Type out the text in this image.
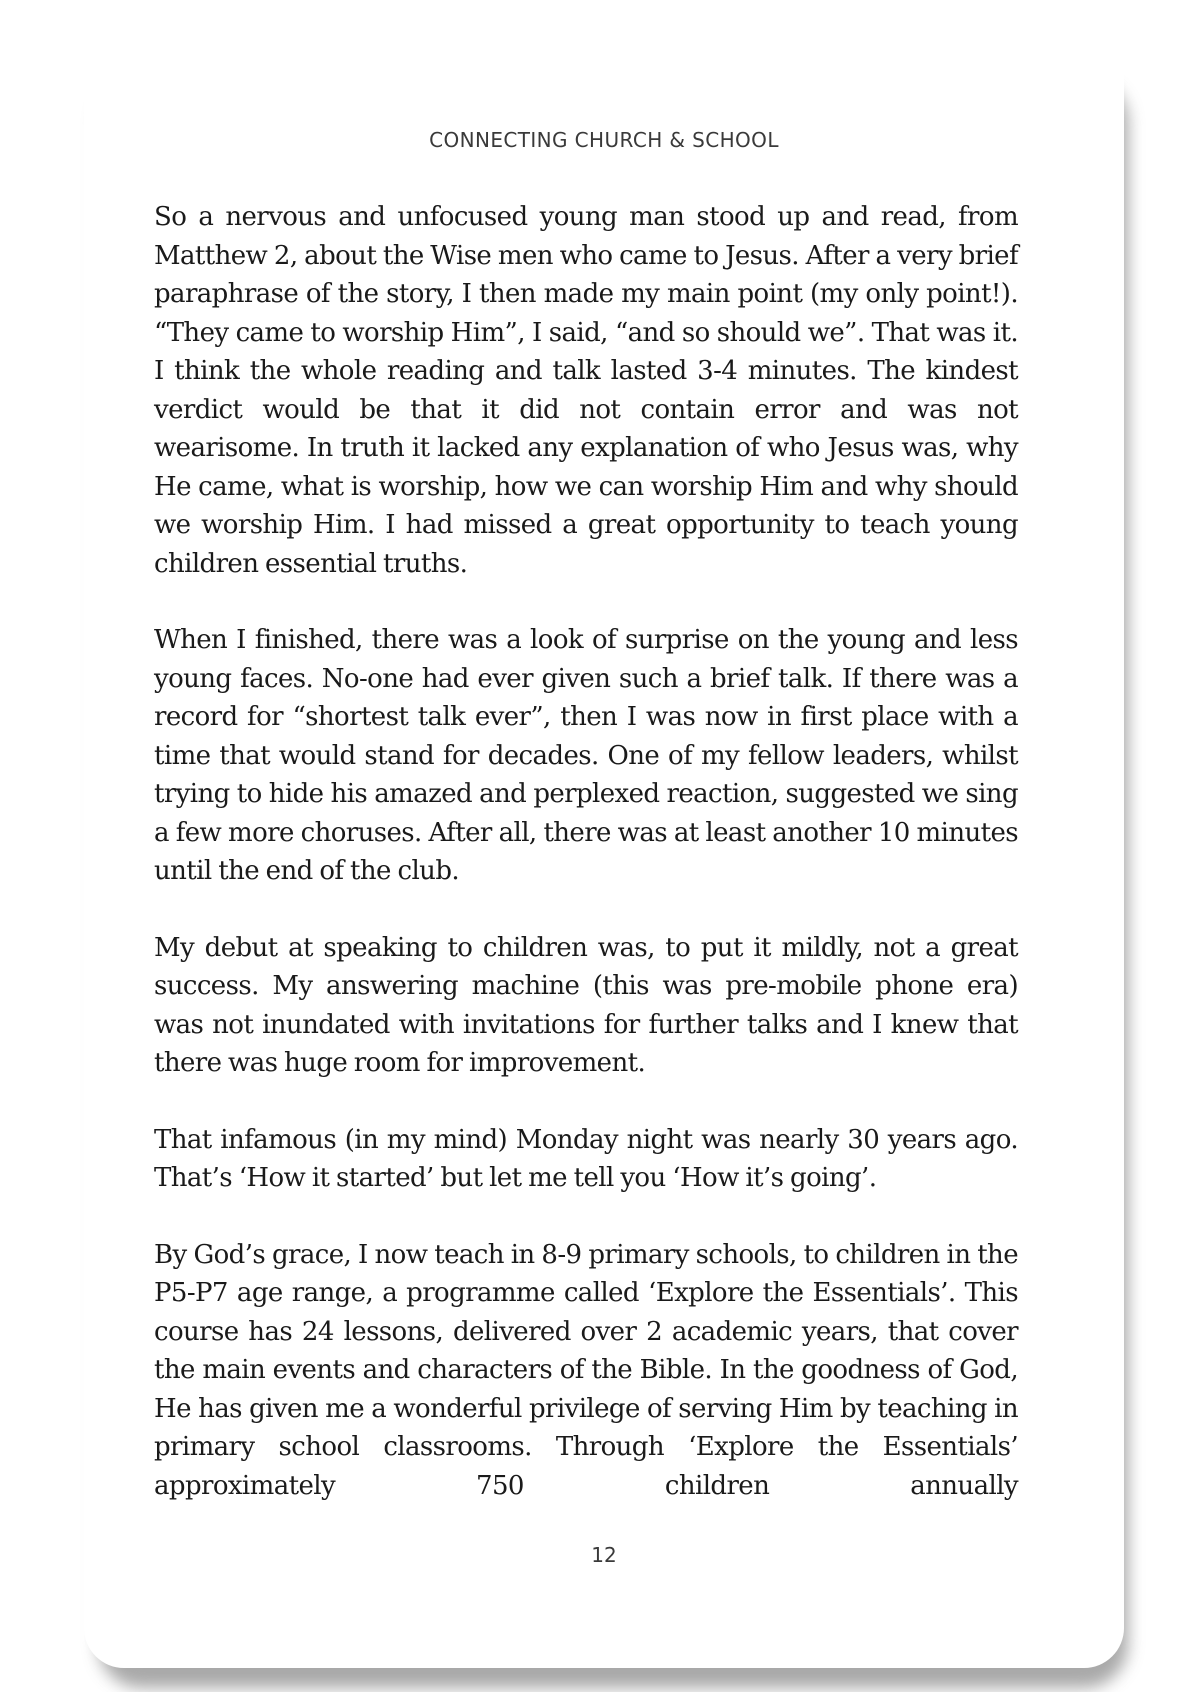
CONNECTING CHURCH & SCHOOL

So a nervous and unfocused young man stood up and read, from Matthew 2, about the Wise men who came to Jesus. After a very brief paraphrase of the story, I then made my main point (my only point!). “They came to worship Him”, I said, “and so should we”. That was it. I think the whole reading and talk lasted 3-4 minutes. The kindest verdict would be that it did not contain error and was not wearisome. In truth it lacked any explanation of who Jesus was, why He came, what is worship, how we can worship Him and why should we worship Him. I had missed a great opportunity to teach young children essential truths.

When I finished, there was a look of surprise on the young and less young faces. No-one had ever given such a brief talk. If there was a record for “shortest talk ever”, then I was now in first place with a time that would stand for decades. One of my fellow leaders, whilst trying to hide his amazed and perplexed reaction, suggested we sing a few more choruses. After all, there was at least another 10 minutes until the end of the club.

My debut at speaking to children was, to put it mildly, not a great success. My answering machine (this was pre-mobile phone era) was not inundated with invitations for further talks and I knew that there was huge room for improvement.

That infamous (in my mind) Monday night was nearly 30 years ago. That’s ‘How it started’ but let me tell you ‘How it’s going’.

By God’s grace, I now teach in 8-9 primary schools, to children in the P5-P7 age range, a programme called ‘Explore the Essentials’. This course has 24 lessons, delivered over 2 academic years, that cover the main events and characters of the Bible. In the goodness of God, He has given me a wonderful privilege of serving Him by teaching in primary school classrooms. Through ‘Explore the Essentials’ approximately 750 children annually

12
